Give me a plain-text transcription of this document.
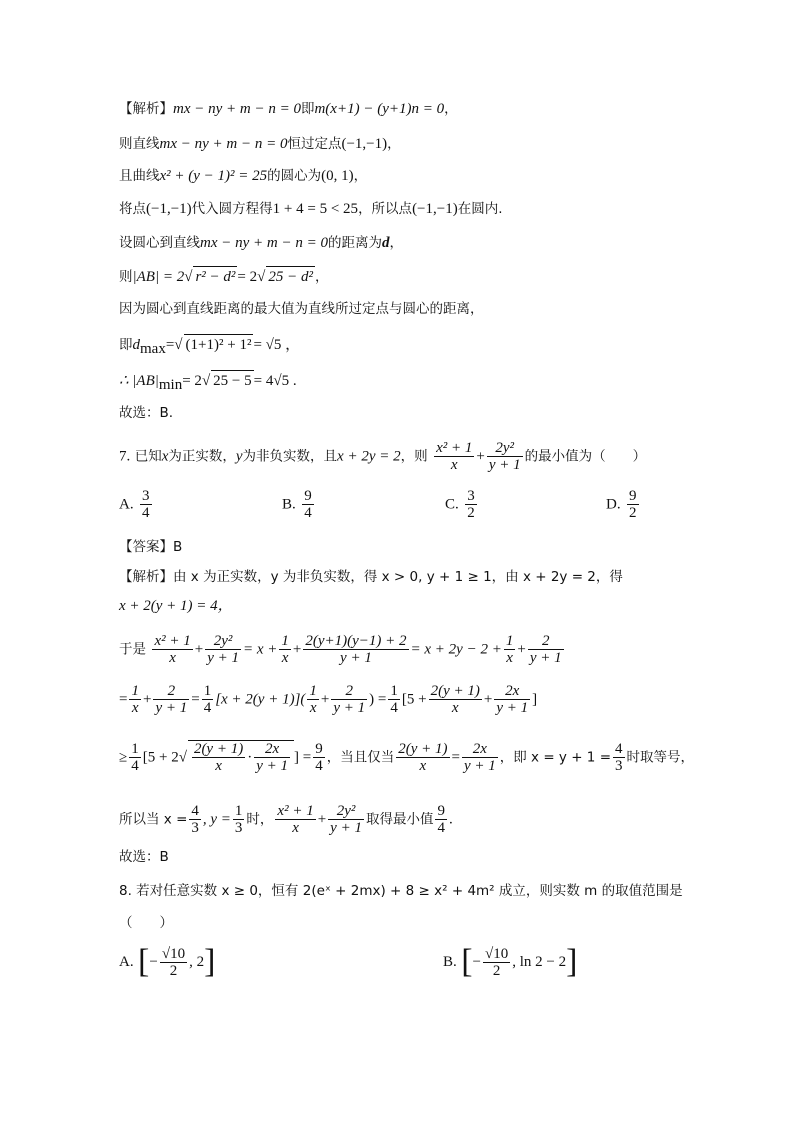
【解析】mx − ny + m − n = 0即m(x+1) − (y+1)n = 0，
则直线mx − ny + m − n = 0恒过定点(−1,−1)，
且曲线x² + (y − 1)² = 25的圆心为(0, 1)，
将点(−1,−1)代入圆方程得1 + 4 = 5 < 25，所以点(−1,−1)在圆内.
设圆心到直线mx − ny + m − n = 0的距离为d，
则|AB| = 2√ r² − d² = 2√ 25 − d² ，
因为圆心到直线距离的最大值为直线所过定点与圆心的距离，
即$d_{max}=√$ (1+1)² + 1² = √5 ，
∴ $|AB|_{min}= 2√$ 25 − 5 = 4√5 .
故选：B.
7. 已知x为正实数，y为非负实数，且x + 2y = 2，则 $\frac{\text{x² + 1}}{x} + \frac{\text{2y²}}{y + 1}$ 的最小值为（　　）
A. $\frac{3}{4}$	B. $\frac{9}{4}$	C. $\frac{3}{2}$	D. $\frac{9}{2}$
【答案】B
【解析】由 x 为正实数，y 为非负实数，得 x > 0, y + 1 ≥ 1，由 x + 2y = 2，得
x + 2(y + 1) = 4，
于是 $\frac{\text{x² + 1}}{x} + \frac{\text{2y²}}{y + 1} = x + \frac{1}{x} + \frac{2(y+1)(y-1) + 2}{y + 1} = x + 2y - 2 + \frac{1}{x} + \frac{2}{y + 1}$
= $\frac{1}{x} + \frac{2}{y + 1} = \frac{1}{4} [x + 2(y + 1)]( \frac{1}{x} + \frac{2}{y + 1}$ ) = $\frac{1}{4} [5 + \frac{2(y + 1)}{x} + \frac{2x}{y + 1}$ ]
≥ $\frac{1}{4} [5 + 2√ \frac{2(y + 1)}{x} \cdot \frac{2x}{y + 1}$ ] = $\frac{9}{4}$ ，当且仅当 $\frac{2(y + 1)}{x} = \frac{2x}{y + 1}$ ，即 $x = y + 1 = \frac{4}{3}$ 时取等号，
所以当 $x = \frac{4}{3}$ , $y = \frac{1}{3}$ 时， $\frac{\text{x² + 1}}{x} + \frac{\text{2y²}}{y + 1}$ 取得最小值 $\frac{9}{4}$ .
故选：B
8. 若对任意实数 x ≥ 0，恒有 2(eˣ + 2mx) + 8 ≥ x² + 4m² 成立，则实数 m 的取值范围是
（　　）
A. [− $\frac{√10}{2}$ , 2]	B. [− $\frac{√10}{2}$ , ln 2 − 2]
